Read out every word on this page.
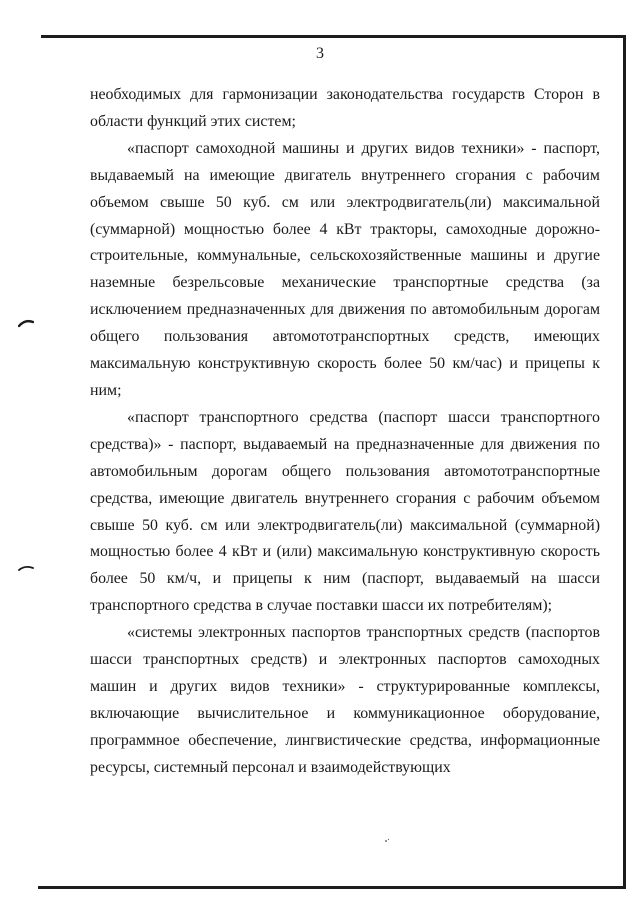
3

необходимых для гармонизации законодательства государств Сторон в области функций этих систем;

«паспорт самоходной машины и других видов техники» - паспорт, выдаваемый на имеющие двигатель внутреннего сгорания с рабочим объемом свыше 50 куб. см или электродвигатель(ли) максимальной (суммарной) мощностью более 4 кВт тракторы, самоходные дорожно-строительные, коммунальные, сельскохозяйственные машины и другие наземные безрельсовые механические транспортные средства (за исключением предназначенных для движения по автомобильным дорогам общего пользования автомототранспортных средств, имеющих максимальную конструктивную скорость более 50 км/час) и прицепы к ним;

«паспорт транспортного средства (паспорт шасси транспортного средства)» - паспорт, выдаваемый на предназначенные для движения по автомобильным дорогам общего пользования автомототранспортные средства, имеющие двигатель внутреннего сгорания с рабочим объемом свыше 50 куб. см или электродвигатель(ли) максимальной (суммарной) мощностью более 4 кВт и (или) максимальную конструктивную скорость более 50 км/ч, и прицепы к ним (паспорт, выдаваемый на шасси транспортного средства в случае поставки шасси их потребителям);

«системы электронных паспортов транспортных средств (паспортов шасси транспортных средств) и электронных паспортов самоходных машин и других видов техники» - структурированные комплексы, включающие вычислительное и коммуникационное оборудование, программное обеспечение, лингвистические средства, информационные ресурсы, системный персонал и взаимодействующих
